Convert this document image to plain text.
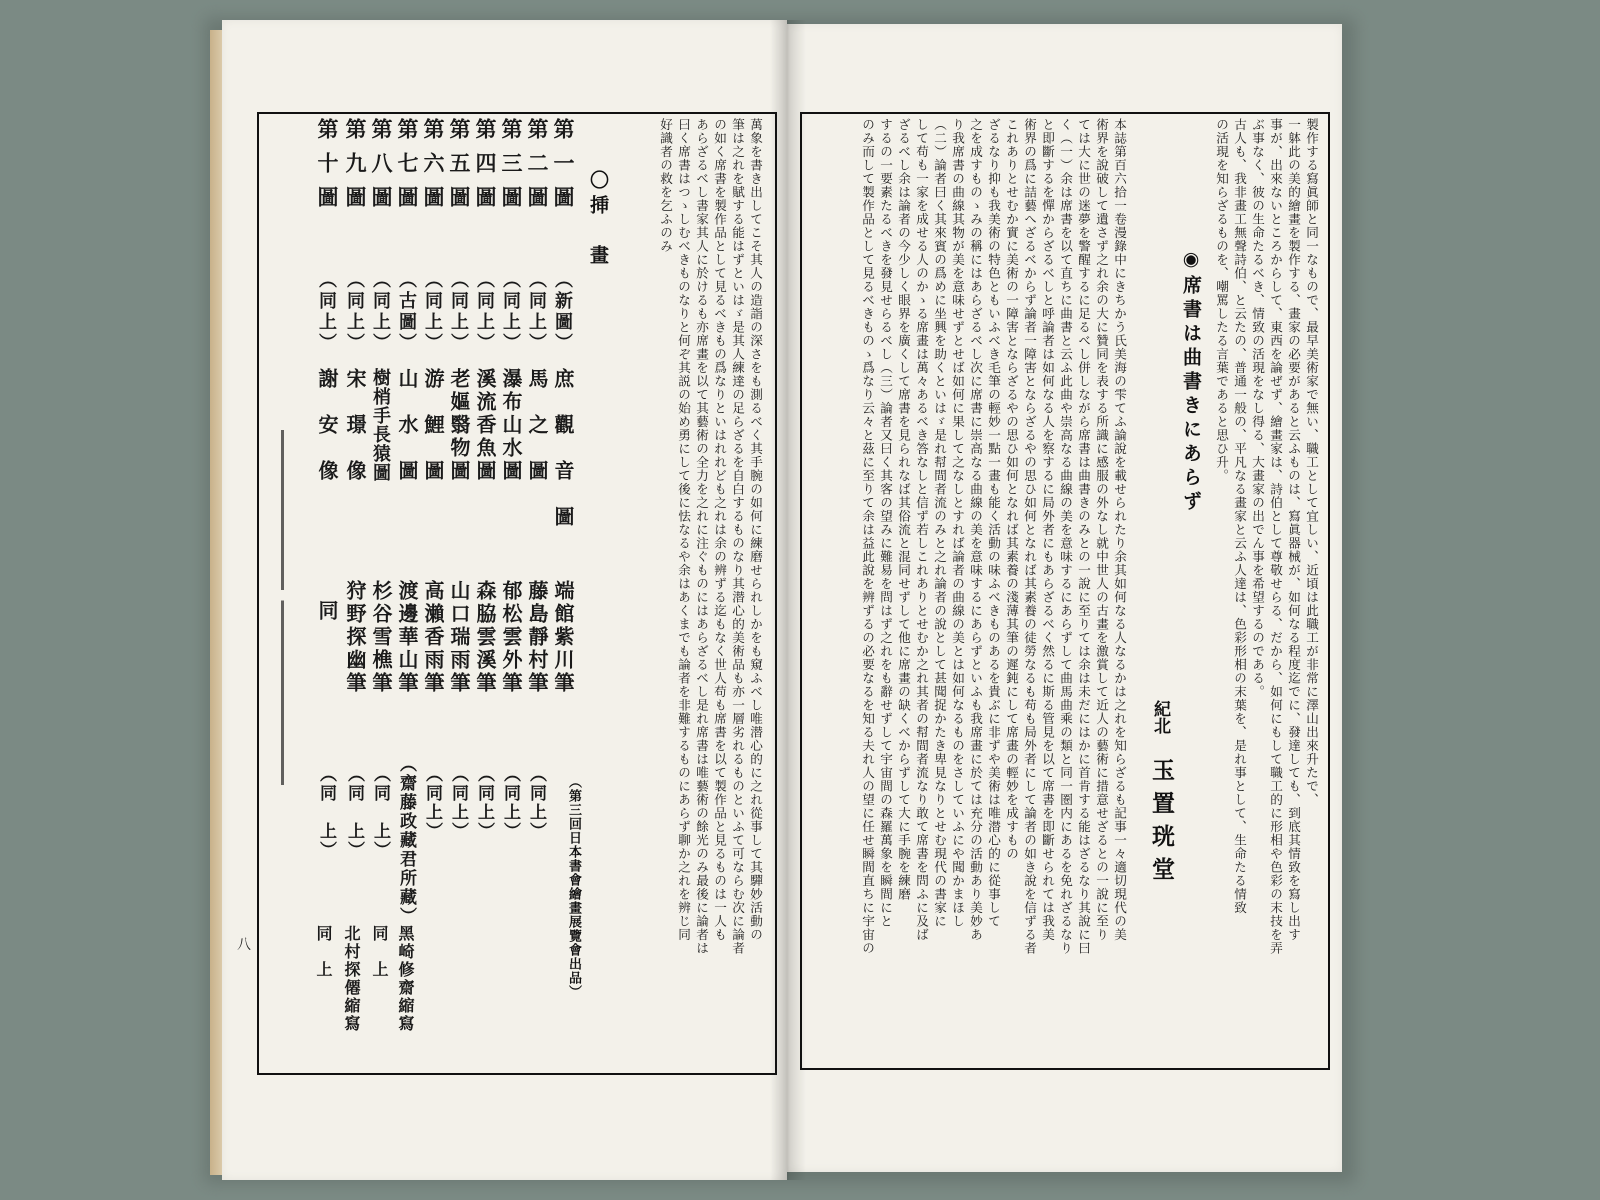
萬象を書き出してこそ其人の造詣の深さをも測るべく其手腕の如何に練磨せられしかをも窺ふべし唯潜心的に之れ從事して其驒妙活動の
筆は之れを賦する能はずといはゞ是其人練達の足らざるを自白するものなり其潜心的美術品も亦一層劣れるものといふて可ならむ次に論者
の如く席書を製作品として見るべきもの爲なりといはれれども之れは余の辨ずる迄もなく世人苟も席書を以て製作品と見るものは一人も
あらざるべし書家其人に於けるも亦席畫を以て其藝術の全力を之れに注ぐものにはあらざるべし是れ席書は唯藝術の餘光のみ最後に論者は
曰く席書はつゝしむべきものなりと何ぞ其説の始め勇にして後に怯なるや余はあくまでも論者を非難するものにあらず聊か之れを辨じ同
好識者の救を乞ふのみ
〇挿　畫
（第三回日本書會繪畫展覽會出品）
第一圖
（新圖）
庶　觀　音　圖
端館紫川筆
第二圖
（同上）
馬　之　圖
藤島靜村筆
（同上）
第三圖
（同上）
瀑布山水圖
郁松雲外筆
（同上）
第四圖
（同上）
溪流香魚圖
森脇雲溪筆
（同上）
第五圖
（同上）
老嫗翳物圖
山口瑞雨筆
（同上）
第六圖
（同上）
游　鯉　圖
高瀨香雨筆
（同上）
第七圖
（古圖）
山　水　圖
渡邊華山筆
（齋藤政藏君所藏）
第八圖
（同上）
樹梢手長猿圖
杉谷雪樵筆
（同　上）
第九圖
（同上）
宋　璟　像
狩野探幽筆
（同　上）
第十圖
（同上）
謝　安　像
同
（同　上）
黑崎修齋縮寫
同　上
北村探僊縮寫
同　上
八
製作する寫眞師と同一なもので、最早美術家で無い、職工として宜しい、近頃は此職工が非常に澤山出來升たで、
一躰此の美的繪畫を製作する、畫家の必要があると云ふものは、寫眞器械が、如何なる程度迄でに、發達しても、到底其情致を寫し出す
事が、出來ないところからして、東西を論ぜず、繪畫家は、詩伯として尊敬せらる、だから、如何にもして職工的に形相や色彩の末技を弄
ぶ事なく、彼の生命たるべき、情致の活現をなし得る、大畫家の出でん事を希望するのである。
古人も、我非畫工無聲詩伯、と云たの、普通一般の、平凡なる畫家と云ふ人達は、色彩形相の末葉を、是れ事として、生命たる情致
の活現を知らざるものを、嘲罵したる言葉であると思ひ升。
◉席書は曲書きにあらず
紀北
玉置珖堂
本誌第百六拾一卷漫錄中にきちかう氏美海の雫てふ論說を載せられたり余其如何なる人なるかは之れを知らざるも記事一々適切現代の美
術界を說破して遺さず之れ余の大に贊同を表する所識に感服の外なし就中世人の古畫を激賞して近人の藝術に措意せざるとの一說に至り
ては大に世の迷夢を警醒するに足るべし併しながら席書は曲書きのみとの一說に至りては余は未だにはかに首肯する能はざるなり其說に曰
く（一）余は席書を以て直ちに曲書と云ふ此曲や崇高なる曲線の美を意味するにあらずして曲馬曲乘の類と同一圏内にあるを免れざるなり
と即斷するを憚からざるべしと呼論者は如何なる人を察するに局外者にもあらざるべく然るに斯る管見を以て席書を即斷せられては我美
術界の爲に詰藝へざるべからず論者一障害とならざるやの思ひ如何となれば其素養の徒勞なるも苟も局外者にして論者の如き說を信ずる者
これありとせむか實に美術の一障害とならざるやの思ひ如何となれば其素養の淺薄其筆の遲鈍にして席畫の輕妙を成すもの
ざるなり抑も我美術の特色ともいふべき毛筆の輕妙一點一畫も能く活動の味ふべきものあるを貴ぶに非ずや美術は唯潜心的に從事して
之を成すものゝみの稱にはあらざるべし次に席書に崇高なる曲線の美を意味するにあらずといふも我席畫に於ては充分の活動あり美妙あ
り我席書の曲線其物が美を意味せずとせば如何に果して之なしとすれば論者の曲線の美とは如何なるものをさしていふにや聞かまほし
（二）論者曰く其來賓の爲めに坐興を助くといはゞ是れ幇間者流のみと之れ論者の說として甚聞捉かたき卑見なりとせむ現代の書家に
して苟も一家を成せる人のかゝる席畫は萬々あるべき答なしと信ず若しこれありとせむか之れ其者の幇間者流なり敢て席書を問ふに及ば
ざるべし余は論者の今少しく眼界を廣くして席書を見られなば其俗流と混同せずして他に席畫の缺くべからずして大に手腕を練磨
するの一要素たるべきを發見せらるべし（三）論者又曰く其客の望みに難易を問はず之れをも辭せずして宇宙間の森羅萬象を瞬間にと
のみ而して製作品として見るべきものゝ爲なり云々と茲に至りて余は益此說を辨ずるの必要なるを知る夫れ人の望に任せ瞬間直ちに宇宙の
